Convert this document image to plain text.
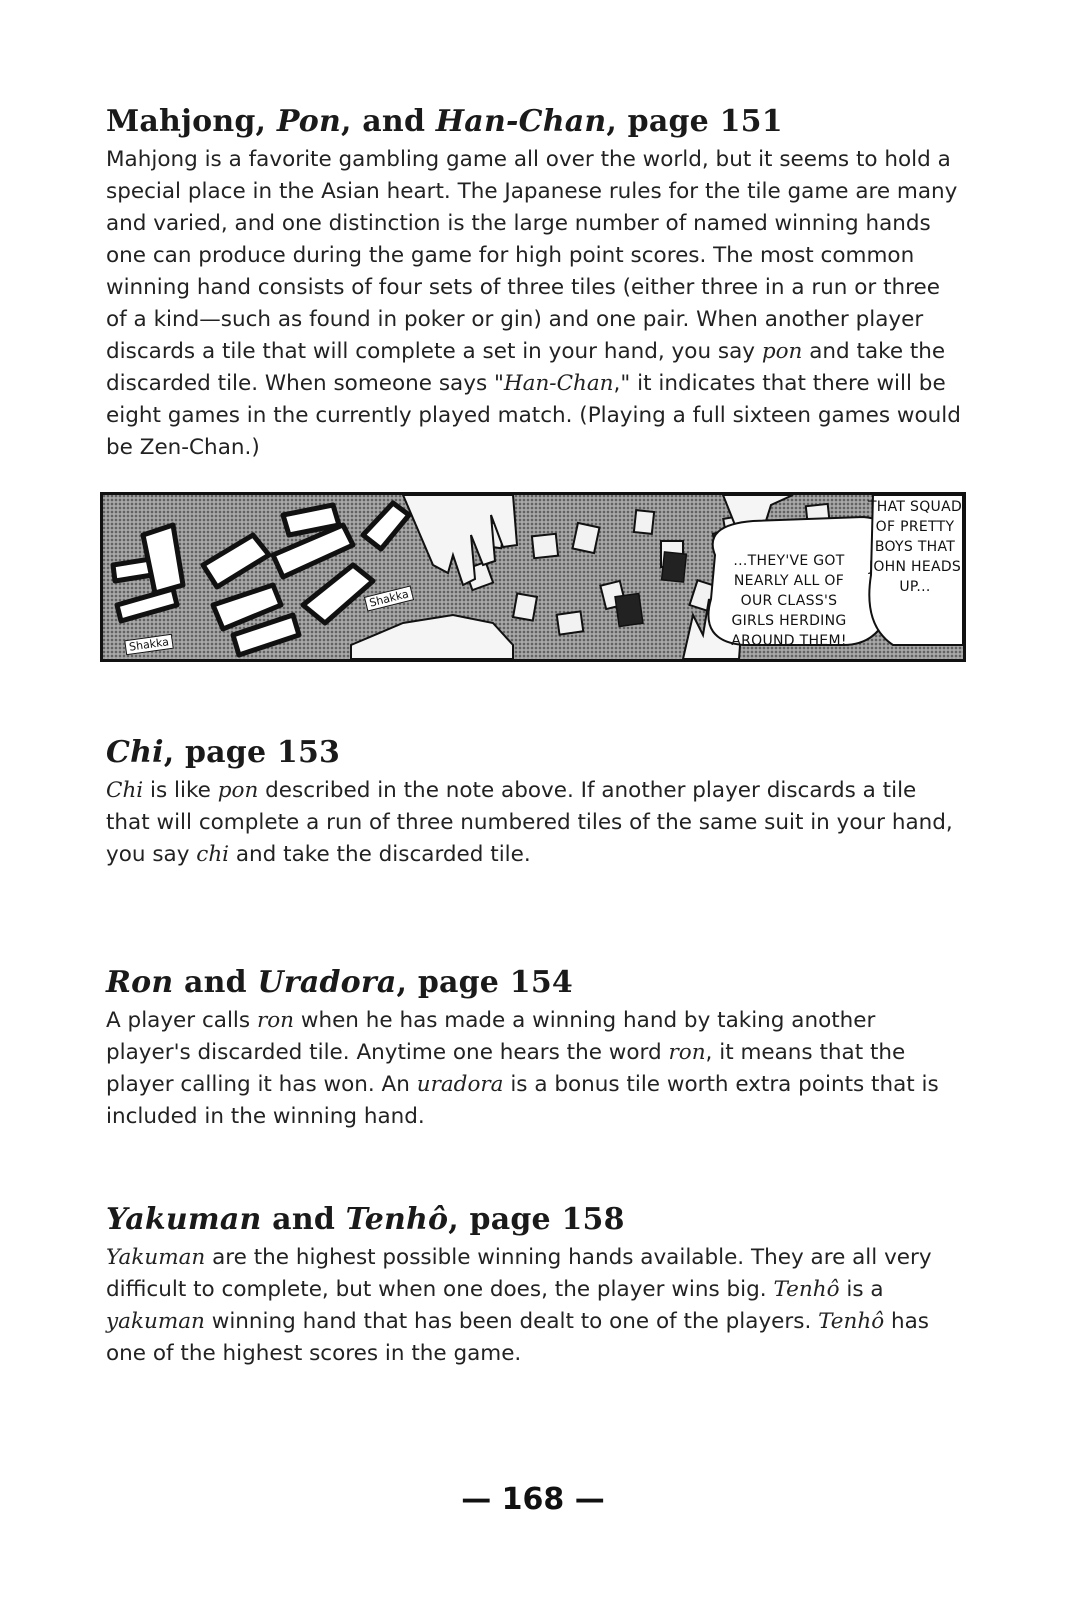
Mahjong, Pon, and Han-Chan, page 151

Mahjong is a favorite gambling game all over the world, but it seems to hold a special place in the Asian heart. The Japanese rules for the tile game are many and varied, and one distinction is the large number of named winning hands one can produce during the game for high point scores. The most common winning hand consists of four sets of three tiles (either three in a run or three of a kind—such as found in poker or gin) and one pair. When another player discards a tile that will complete a set in your hand, you say pon and take the discarded tile. When someone says "Han-Chan," it indicates that there will be eight games in the currently played match. (Playing a full sixteen games would be Zen-Chan.)

...THEY'VE GOT NEARLY ALL OF OUR CLASS'S GIRLS HERDING AROUND THEM!
THAT SQUAD OF PRETTY BOYS THAT JOHN HEADS UP...
Shakka
Shakka
Chi, page 153

Chi is like pon described in the note above. If another player discards a tile that will complete a run of three numbered tiles of the same suit in your hand, you say chi and take the discarded tile.

Ron and Uradora, page 154

A player calls ron when he has made a winning hand by taking another player's discarded tile. Anytime one hears the word ron, it means that the player calling it has won. An uradora is a bonus tile worth extra points that is included in the winning hand.

Yakuman and Tenhô, page 158

Yakuman are the highest possible winning hands available. They are all very difficult to complete, but when one does, the player wins big. Tenhô is a yakuman winning hand that has been dealt to one of the players. Tenhô has one of the highest scores in the game.

— 168 —
